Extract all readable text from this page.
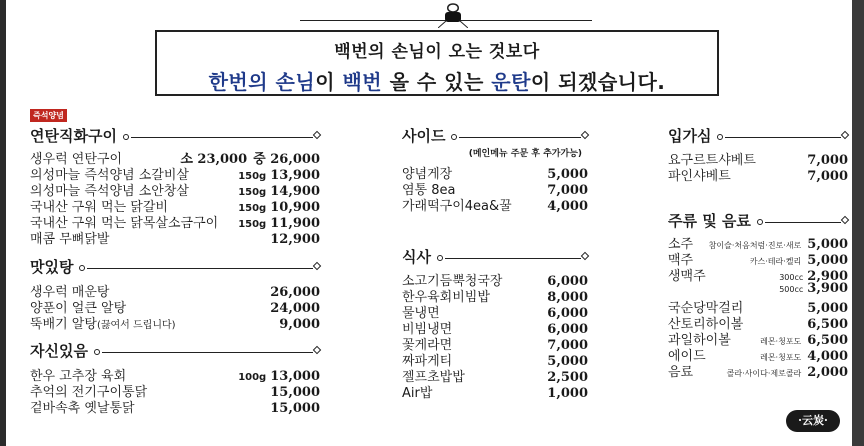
백번의 손님이 오는 것보다
한번의 손님이 백번 올 수 있는 운탄이 되겠습니다.
즉석양념
연탄직화구이
생우럭 연탄구이	소 23,000 중 26,000
의성마늘 즉석양념 소갈비살	150g 13,900
의성마늘 즉석양념 소안창살	150g 14,900
국내산 구워 먹는 닭갈비	150g 10,900
국내산 구워 먹는 닭목살소금구이	150g 11,900
매콤 무뼈닭발	12,900
맛있탕
생우럭 매운탕	26,000
양푼이 얼큰 알탕	24,000
뚝배기 알탕(끓여서 드립니다)	9,000
자신있음
한우 고추장 육회	100g 13,000
추억의 전기구이통닭	15,000
겉바속촉 옛날통닭	15,000
사이드
(메인메뉴 주문 후 추가가능)
양념게장	5,000
염통 8ea	7,000
가래떡구이4ea&꿀	4,000
식사
소고기듬뿍청국장	6,000
한우육회비빔밥	8,000
물냉면	6,000
비빔냉면	6,000
꽃게라면	7,000
짜파게티	5,000
젤프초밥밥	2,500
Air밥	1,000
입가심
요구르트샤베트	7,000
파인샤베트	7,000
주류 및 음료
소주	참이슬·처음처럼·진로·새로 5,000
맥주	카스·테라·켈리 5,000
생맥주	300cc 2,900
500cc 3,900
국순당막걸리	5,000
산토리하이볼	6,500
과일하이볼	레몬·청포도 6,500
에이드	레몬·청포도 4,000
음료	콜라·사이다·제로콜라 2,000
·云炭·
